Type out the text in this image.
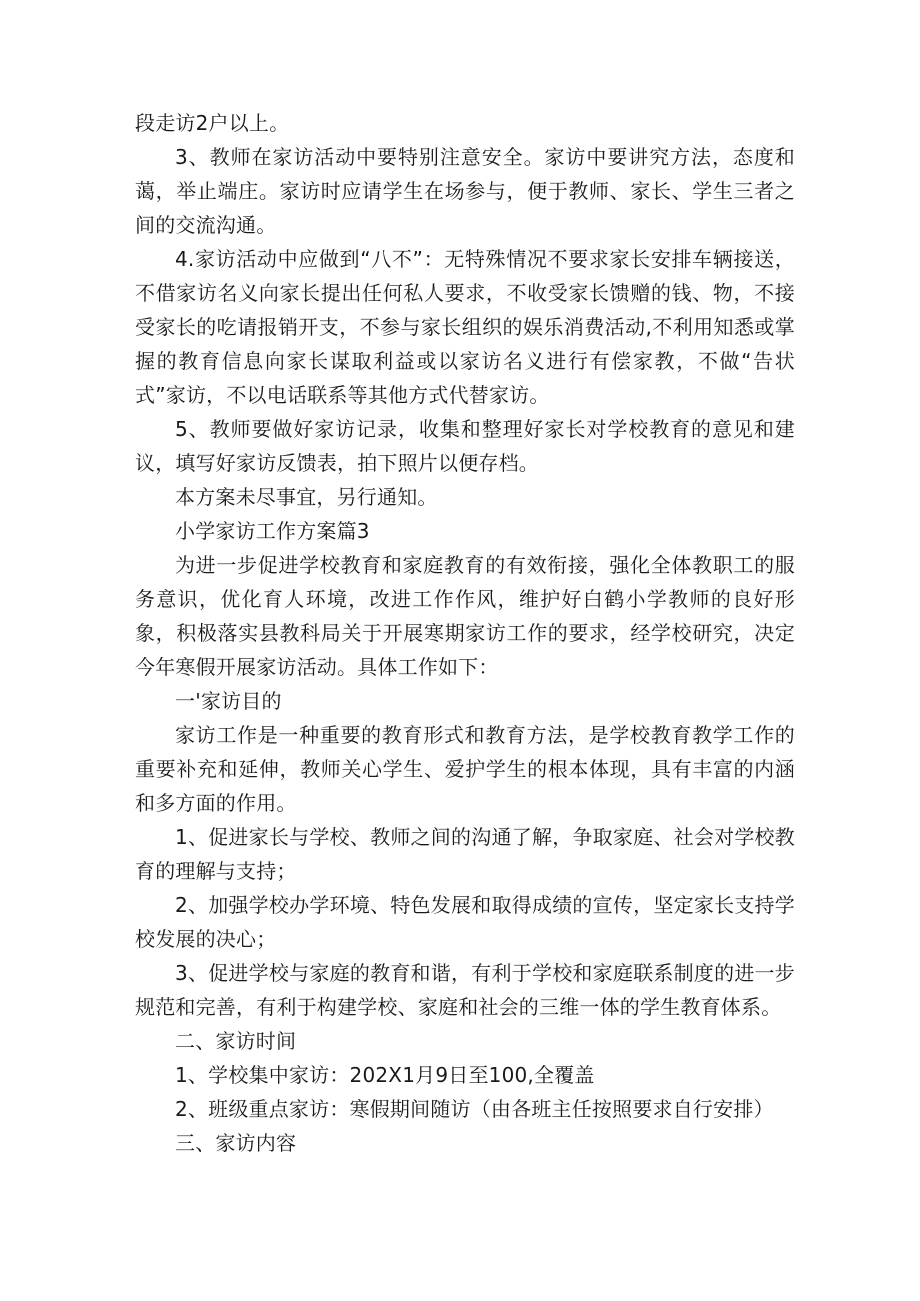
段走访2户以上。

3、教师在家访活动中要特别注意安全。家访中要讲究方法，态度和蔼，举止端庄。家访时应请学生在场参与，便于教师、家长、学生三者之间的交流沟通。

4.家访活动中应做到“八不”：无特殊情况不要求家长安排车辆接送，不借家访名义向家长提出任何私人要求，不收受家长馈赠的钱、物，不接受家长的吃请报销开支，不参与家长组织的娱乐消费活动,不利用知悉或掌握的教育信息向家长谋取利益或以家访名义进行有偿家教，不做“告状式”家访，不以电话联系等其他方式代替家访。

5、教师要做好家访记录，收集和整理好家长对学校教育的意见和建议，填写好家访反馈表，拍下照片以便存档。

本方案未尽事宜，另行通知。

小学家访工作方案篇3

为进一步促进学校教育和家庭教育的有效衔接，强化全体教职工的服务意识，优化育人环境，改进工作作风，维护好白鹤小学教师的良好形象，积极落实县教科局关于开展寒期家访工作的要求，经学校研究，决定今年寒假开展家访活动。具体工作如下：

一'家访目的

家访工作是一种重要的教育形式和教育方法，是学校教育教学工作的重要补充和延伸，教师关心学生、爱护学生的根本体现，具有丰富的内涵和多方面的作用。

1、促进家长与学校、教师之间的沟通了解，争取家庭、社会对学校教育的理解与支持；

2、加强学校办学环境、特色发展和取得成绩的宣传，坚定家长支持学校发展的决心；

3、促进学校与家庭的教育和谐，有利于学校和家庭联系制度的进一步规范和完善，有利于构建学校、家庭和社会的三维一体的学生教育体系。

二、家访时间

1、学校集中家访：202X1月9日至100,全覆盖

2、班级重点家访：寒假期间随访（由各班主任按照要求自行安排）

三、家访内容
